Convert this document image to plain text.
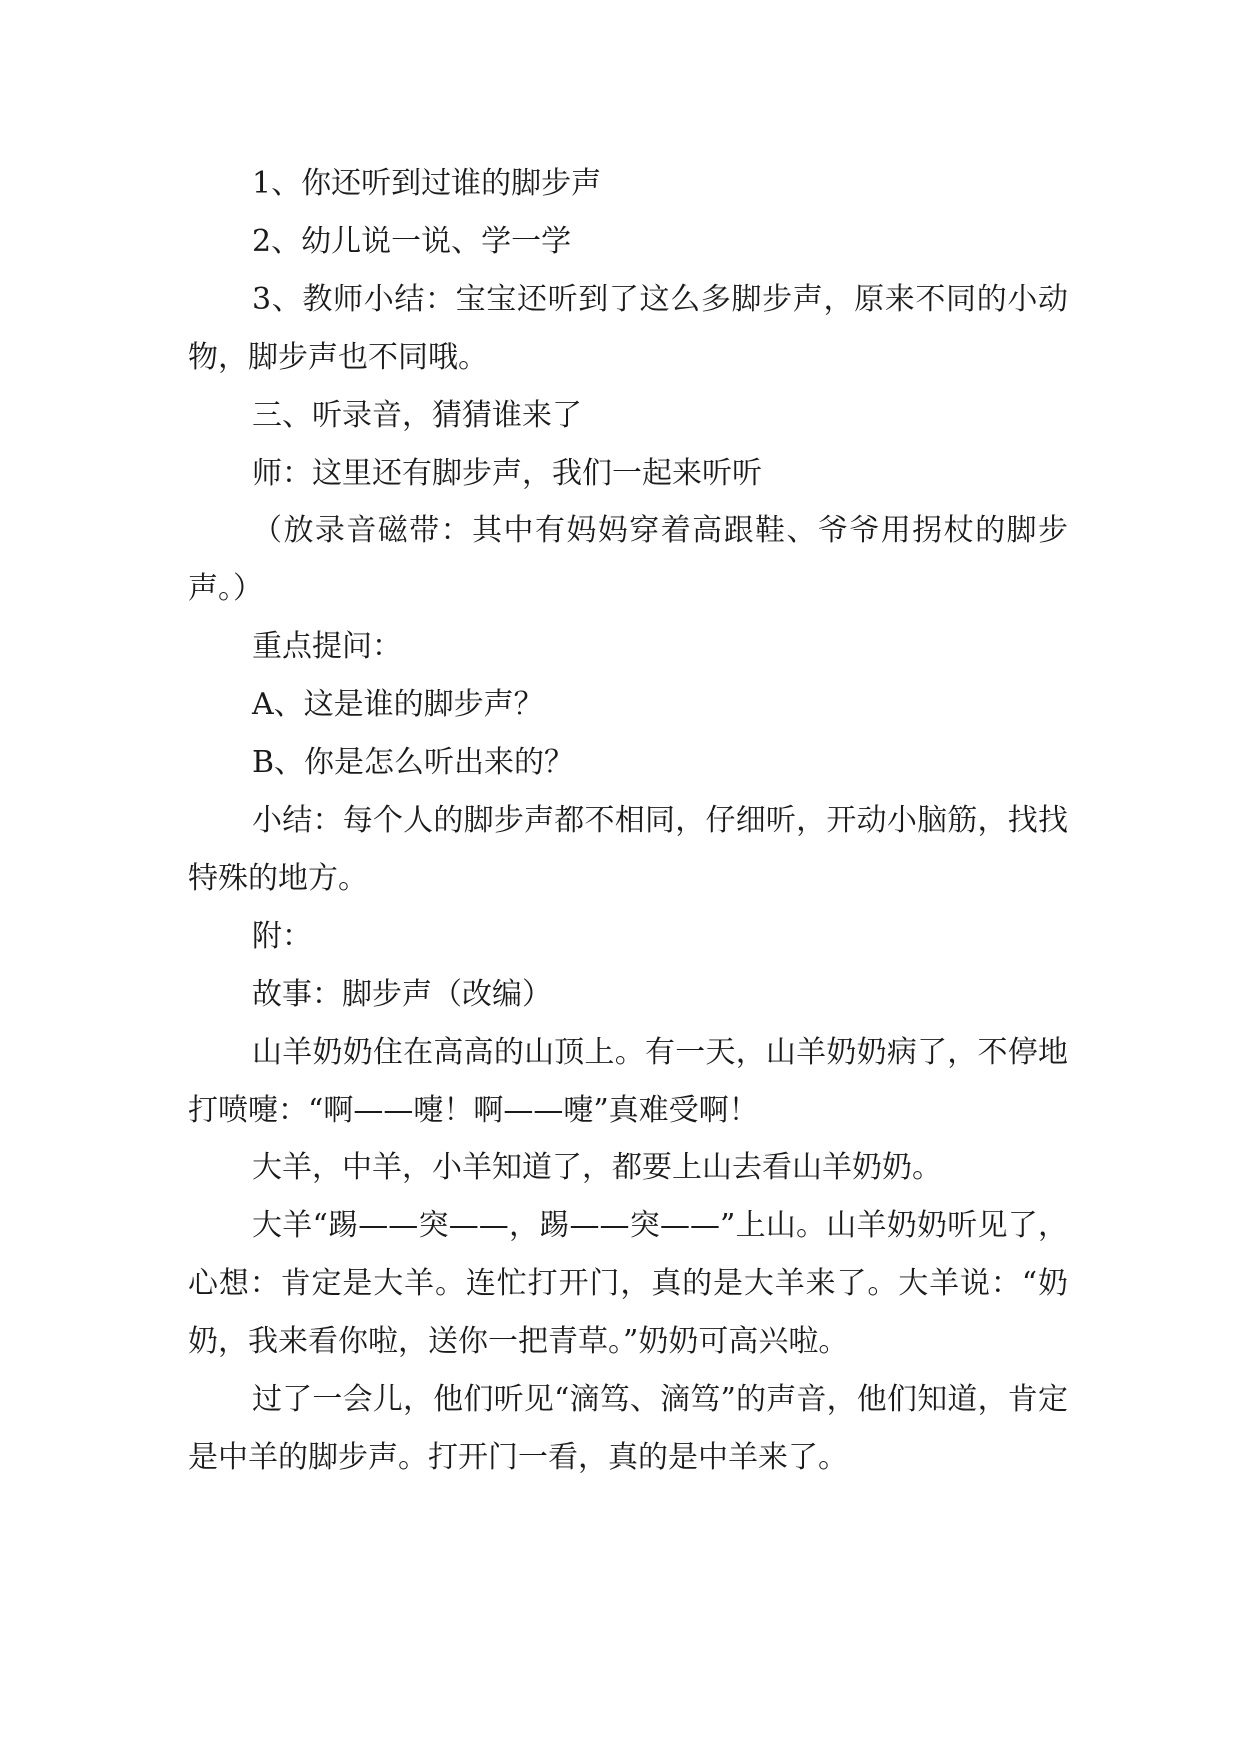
1、你还听到过谁的脚步声

2、幼儿说一说、学一学

3、教师小结：宝宝还听到了这么多脚步声，原来不同的小动物，脚步声也不同哦。

三、听录音，猜猜谁来了

师：这里还有脚步声，我们一起来听听

（放录音磁带：其中有妈妈穿着高跟鞋、爷爷用拐杖的脚步声。）

重点提问：

A、这是谁的脚步声？

B、你是怎么听出来的？

小结：每个人的脚步声都不相同，仔细听，开动小脑筋，找找特殊的地方。

附：

故事：脚步声（改编）

山羊奶奶住在高高的山顶上。有一天，山羊奶奶病了，不停地打喷嚏：“啊——嚏！啊——嚏”真难受啊！

大羊，中羊，小羊知道了，都要上山去看山羊奶奶。

大羊“踢——突——，踢——突——”上山。山羊奶奶听见了，心想：肯定是大羊。连忙打开门，真的是大羊来了。大羊说：“奶奶，我来看你啦，送你一把青草。”奶奶可高兴啦。

过了一会儿，他们听见“滴笃、滴笃”的声音，他们知道，肯定是中羊的脚步声。打开门一看，真的是中羊来了。
